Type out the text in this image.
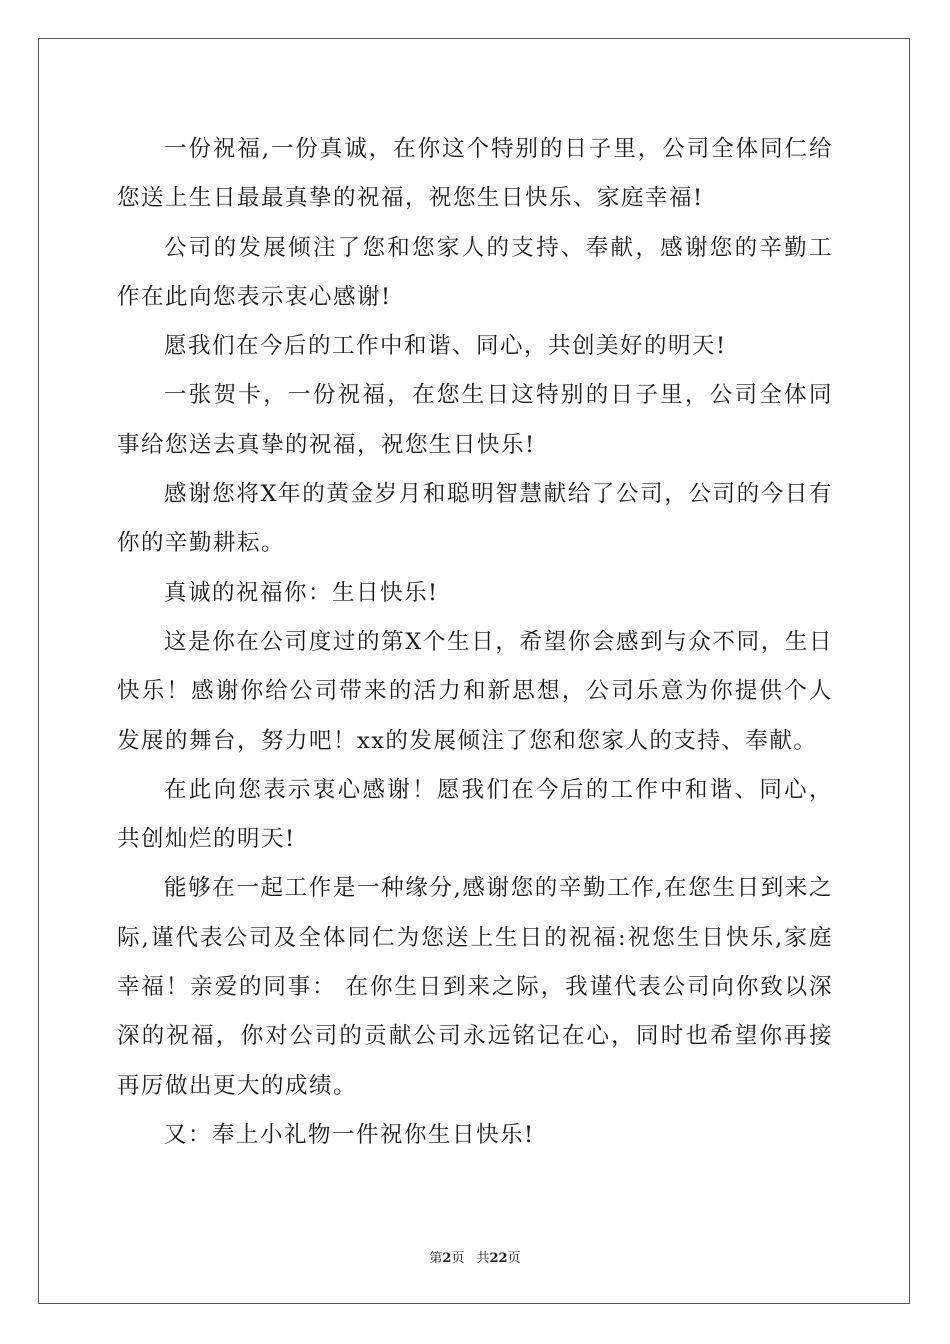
一份祝福,一份真诚，在你这个特别的日子里，公司全体同仁给您送上生日最最真挚的祝福，祝您生日快乐、家庭幸福!

公司的发展倾注了您和您家人的支持、奉献，感谢您的辛勤工作在此向您表示衷心感谢!

愿我们在今后的工作中和谐、同心，共创美好的明天!

一张贺卡，一份祝福，在您生日这特别的日子里，公司全体同事给您送去真挚的祝福，祝您生日快乐!

感谢您将X年的黄金岁月和聪明智慧献给了公司，公司的今日有你的辛勤耕耘。

真诚的祝福你：生日快乐!

这是你在公司度过的第X个生日，希望你会感到与众不同，生日快乐！感谢你给公司带来的活力和新思想，公司乐意为你提供个人发展的舞台，努力吧！xx的发展倾注了您和您家人的支持、奉献。

在此向您表示衷心感谢！愿我们在今后的工作中和谐、同心，共创灿烂的明天!

能够在一起工作是一种缘分,感谢您的辛勤工作,在您生日到来之际,谨代表公司及全体同仁为您送上生日的祝福:祝您生日快乐,家庭幸福！亲爱的同事： 在你生日到来之际，我谨代表公司向你致以深深的祝福，你对公司的贡献公司永远铭记在心，同时也希望你再接再厉做出更大的成绩。

又：奉上小礼物一件祝你生日快乐!

第2页 共22页
